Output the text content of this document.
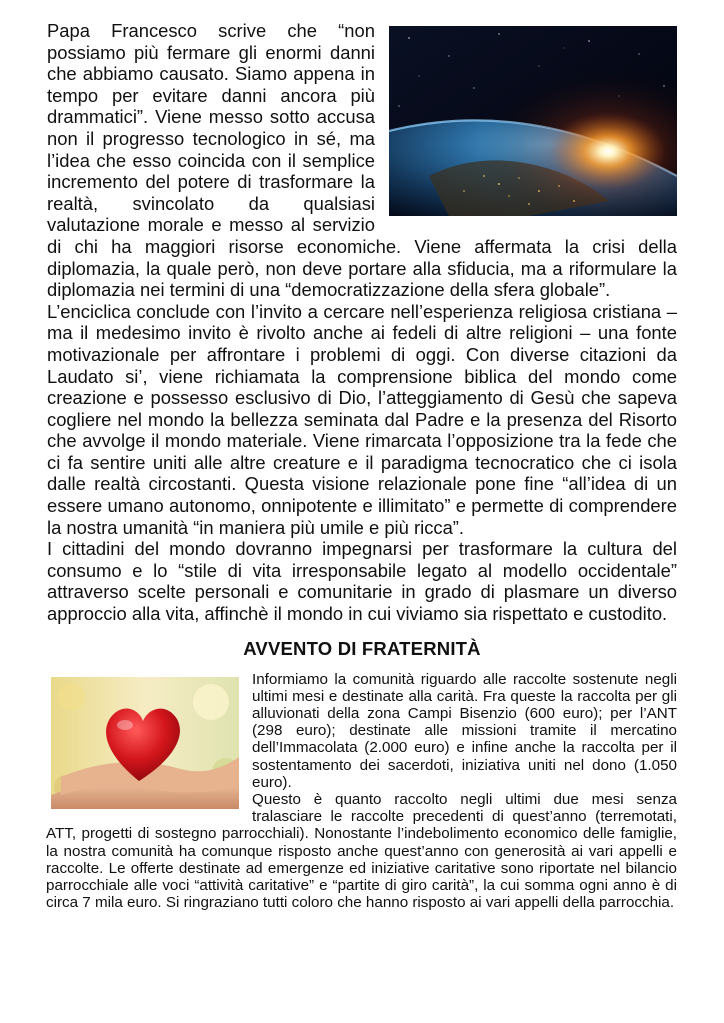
Papa Francesco scrive che “non possiamo più fermare gli enormi danni che abbiamo causato. Siamo appena in tempo per evitare danni ancora più drammatici”. Viene messo sotto accusa non il progresso tecnologico in sé, ma l’idea che esso coincida con il semplice incremento del potere di trasformare la realtà, svincolato da qualsiasi valutazione morale e messo al servizio di chi ha maggiori risorse economiche. Viene affermata la crisi della diplomazia, la quale però, non deve portare alla sfiducia, ma a riformulare la diplomazia nei termini di una “democratizzazione della sfera globale”.

L’enciclica conclude con l’invito a cercare nell’esperienza religiosa cristiana – ma il medesimo invito è rivolto anche ai fedeli di altre religioni – una fonte motivazionale per affrontare i problemi di oggi. Con diverse citazioni da Laudato si’, viene richiamata la comprensione biblica del mondo come creazione e possesso esclusivo di Dio, l’atteggiamento di Gesù che sapeva cogliere nel mondo la bellezza seminata dal Padre e la presenza del Risorto che avvolge il mondo materiale. Viene rimarcata l’opposizione tra la fede che ci fa sentire uniti alle altre creature e il paradigma tecnocratico che ci isola dalle realtà circostanti. Questa visione relazionale pone fine “all’idea di un essere umano autonomo, onnipotente e illimitato” e permette di comprendere la nostra umanità “in maniera più umile e più ricca”.

I cittadini del mondo dovranno impegnarsi per trasformare la cultura del consumo e lo “stile di vita irresponsabile legato al modello occidentale” attraverso scelte personali e comunitarie in grado di plasmare un diverso approccio alla vita, affinchè il mondo in cui viviamo sia rispettato e custodito.

AVVENTO DI FRATERNITÀ

Informiamo la comunità riguardo alle raccolte sostenute negli ultimi mesi e destinate alla carità. Fra queste la raccolta per gli alluvionati della zona Campi Bisenzio (600 euro); per l’ANT (298 euro); destinate alle missioni tramite il mercatino dell’Immacolata (2.000 euro) e infine anche la raccolta per il sostentamento dei sacerdoti, iniziativa uniti nel dono (1.050 euro).

Questo è quanto raccolto negli ultimi due mesi senza tralasciare le raccolte precedenti di quest’anno (terremotati, ATT, progetti di sostegno parrocchiali). Nonostante l’indebolimento economico delle famiglie, la nostra comunità ha comunque risposto anche quest’anno con generosità ai vari appelli e raccolte. Le offerte destinate ad emergenze ed iniziative caritative sono riportate nel bilancio parrocchiale alle voci “attività caritative” e “partite di giro carità”, la cui somma ogni anno è di circa 7 mila euro. Si ringraziano tutti coloro che hanno risposto ai vari appelli della parrocchia.
